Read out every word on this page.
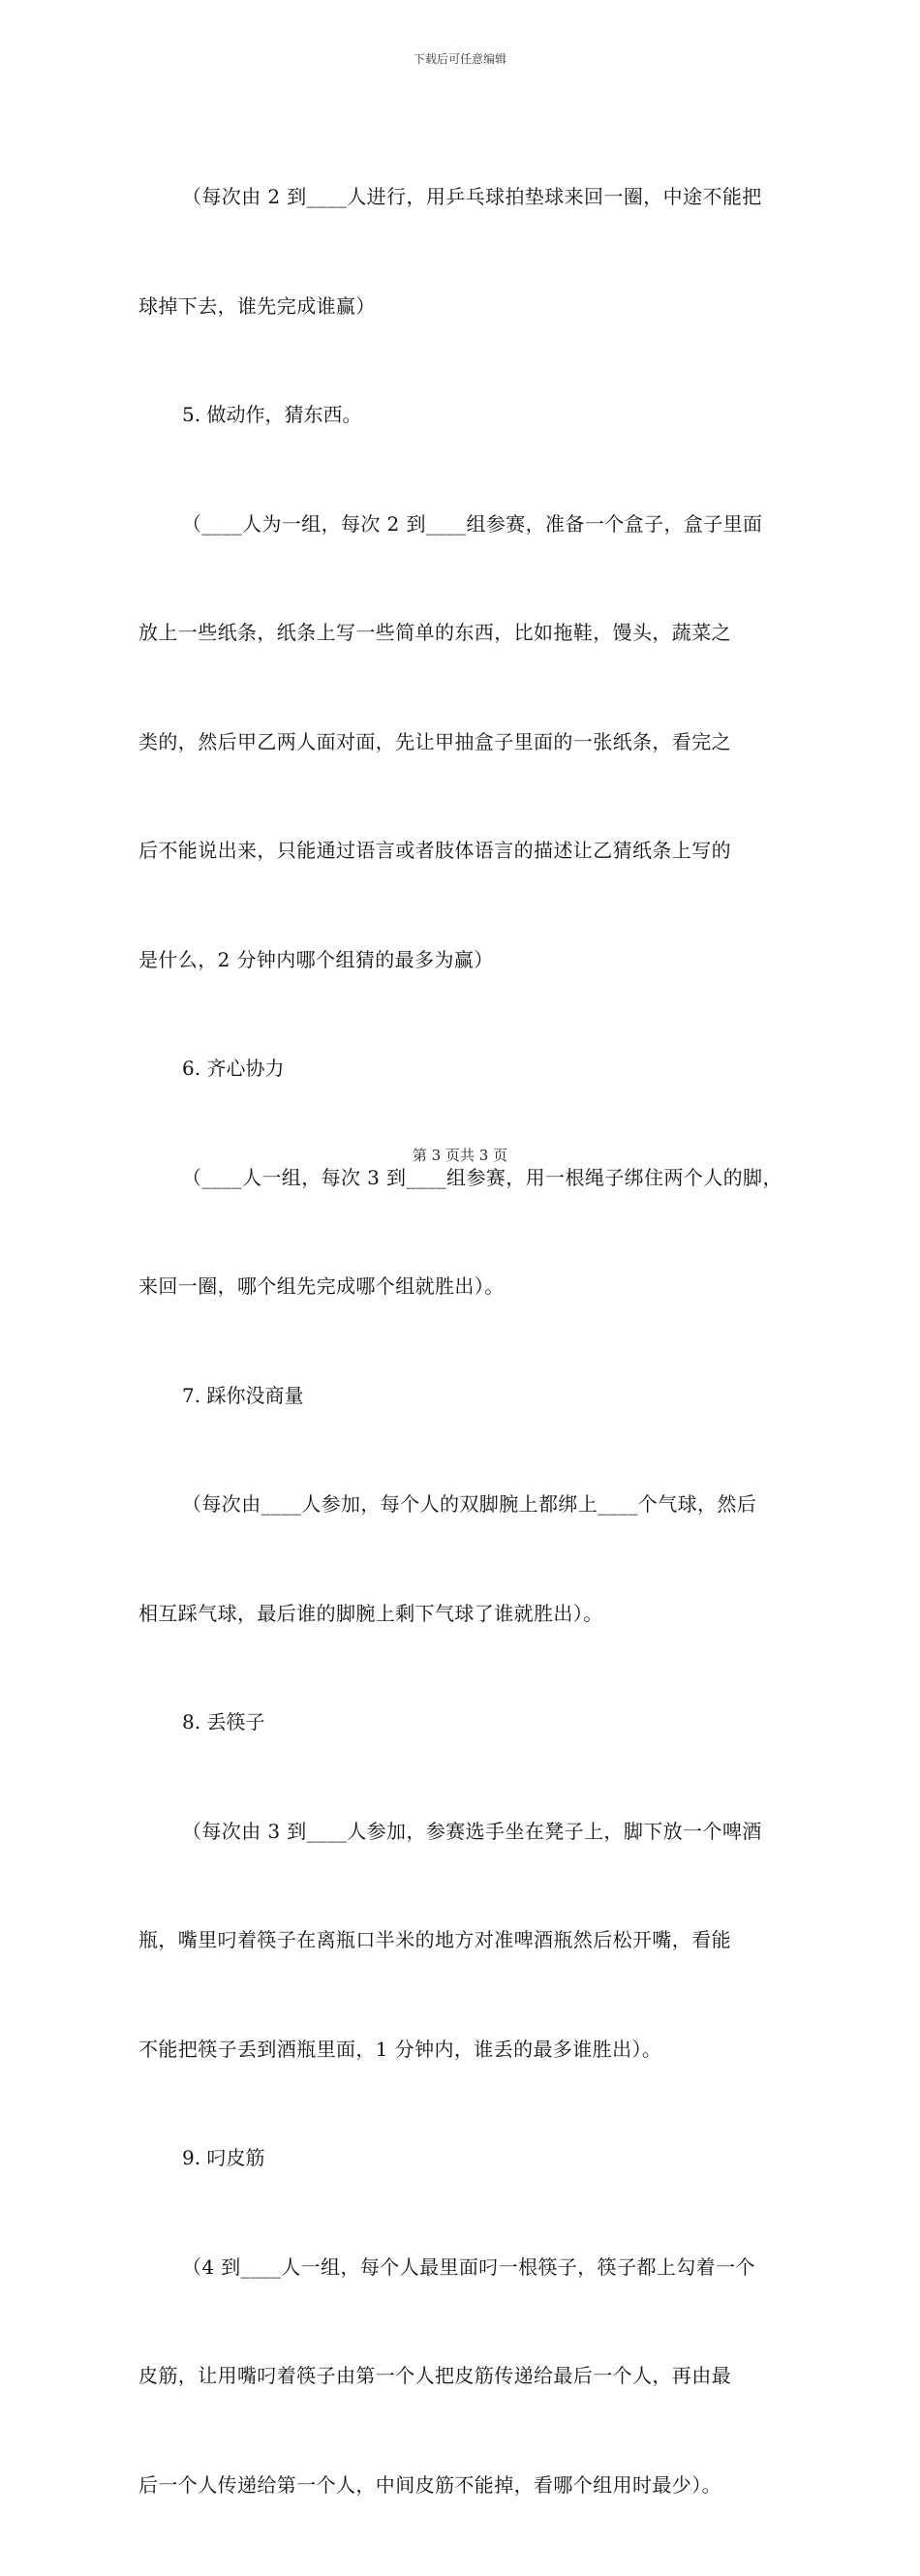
下载后可任意编辑

（每次由 2 到____人进行，用乒乓球拍垫球来回一圈，中途不能把

球掉下去，谁先完成谁赢）

5. 做动作，猜东西。

（____人为一组，每次 2 到____组参赛，准备一个盒子，盒子里面

放上一些纸条，纸条上写一些简单的东西，比如拖鞋，馒头，蔬菜之

类的，然后甲乙两人面对面，先让甲抽盒子里面的一张纸条，看完之

后不能说出来，只能通过语言或者肢体语言的描述让乙猜纸条上写的

是什么，2 分钟内哪个组猜的最多为赢）

6. 齐心协力

（____人一组，每次 3 到____组参赛，用一根绳子绑住两个人的脚，

来回一圈，哪个组先完成哪个组就胜出）。

7. 踩你没商量

（每次由____人参加，每个人的双脚腕上都绑上____个气球，然后

相互踩气球，最后谁的脚腕上剩下气球了谁就胜出）。

8. 丢筷子

（每次由 3 到____人参加，参赛选手坐在凳子上，脚下放一个啤酒

瓶，嘴里叼着筷子在离瓶口半米的地方对准啤酒瓶然后松开嘴，看能

不能把筷子丢到酒瓶里面，1 分钟内，谁丢的最多谁胜出）。

9. 叼皮筋

（4 到____人一组，每个人最里面叼一根筷子，筷子都上勾着一个

皮筋，让用嘴叼着筷子由第一个人把皮筋传递给最后一个人，再由最

后一个人传递给第一个人，中间皮筋不能掉，看哪个组用时最少）。

第 3 页共 3 页
